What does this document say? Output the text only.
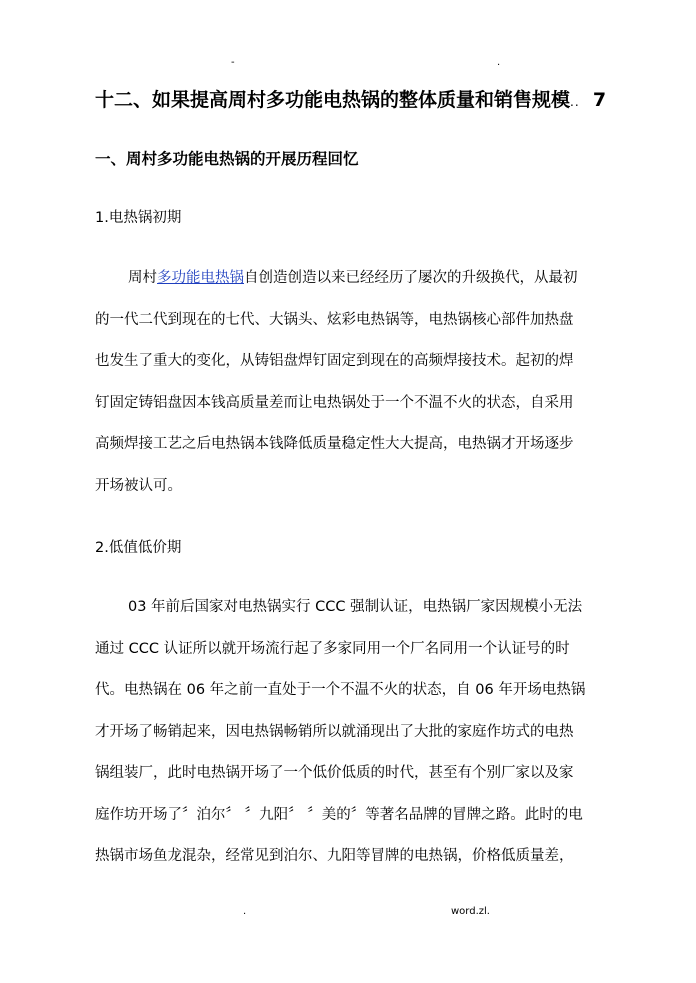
-	.
十二、如果提高周村多功能电热锅的整体质量和销售规模.. 7
一、周村多功能电热锅的开展历程回忆
1.电热锅初期
周村多功能电热锅自创造创造以来已经经历了屡次的升级换代，从最初
的一代二代到现在的七代、大锅头、炫彩电热锅等，电热锅核心部件加热盘
也发生了重大的变化，从铸铝盘焊钉固定到现在的高频焊接技术。起初的焊
钉固定铸铝盘因本钱高质量差而让电热锅处于一个不温不火的状态，自采用
高频焊接工艺之后电热锅本钱降低质量稳定性大大提高，电热锅才开场逐步
开场被认可。
2.低值低价期
03 年前后国家对电热锅实行 CCC 强制认证，电热锅厂家因规模小无法
通过 CCC 认证所以就开场流行起了多家同用一个厂名同用一个认证号的时
代。电热锅在 06 年之前一直处于一个不温不火的状态，自 06 年开场电热锅
才开场了畅销起来，因电热锅畅销所以就涌现出了大批的家庭作坊式的电热
锅组装厂，此时电热锅开场了一个低价低质的时代，甚至有个别厂家以及家
庭作坊开场了〞泊尔〞 〞九阳〞 〞美的〞等著名品牌的冒牌之路。此时的电
热锅市场鱼龙混杂，经常见到泊尔、九阳等冒牌的电热锅，价格低质量差，
.	word.zl.
